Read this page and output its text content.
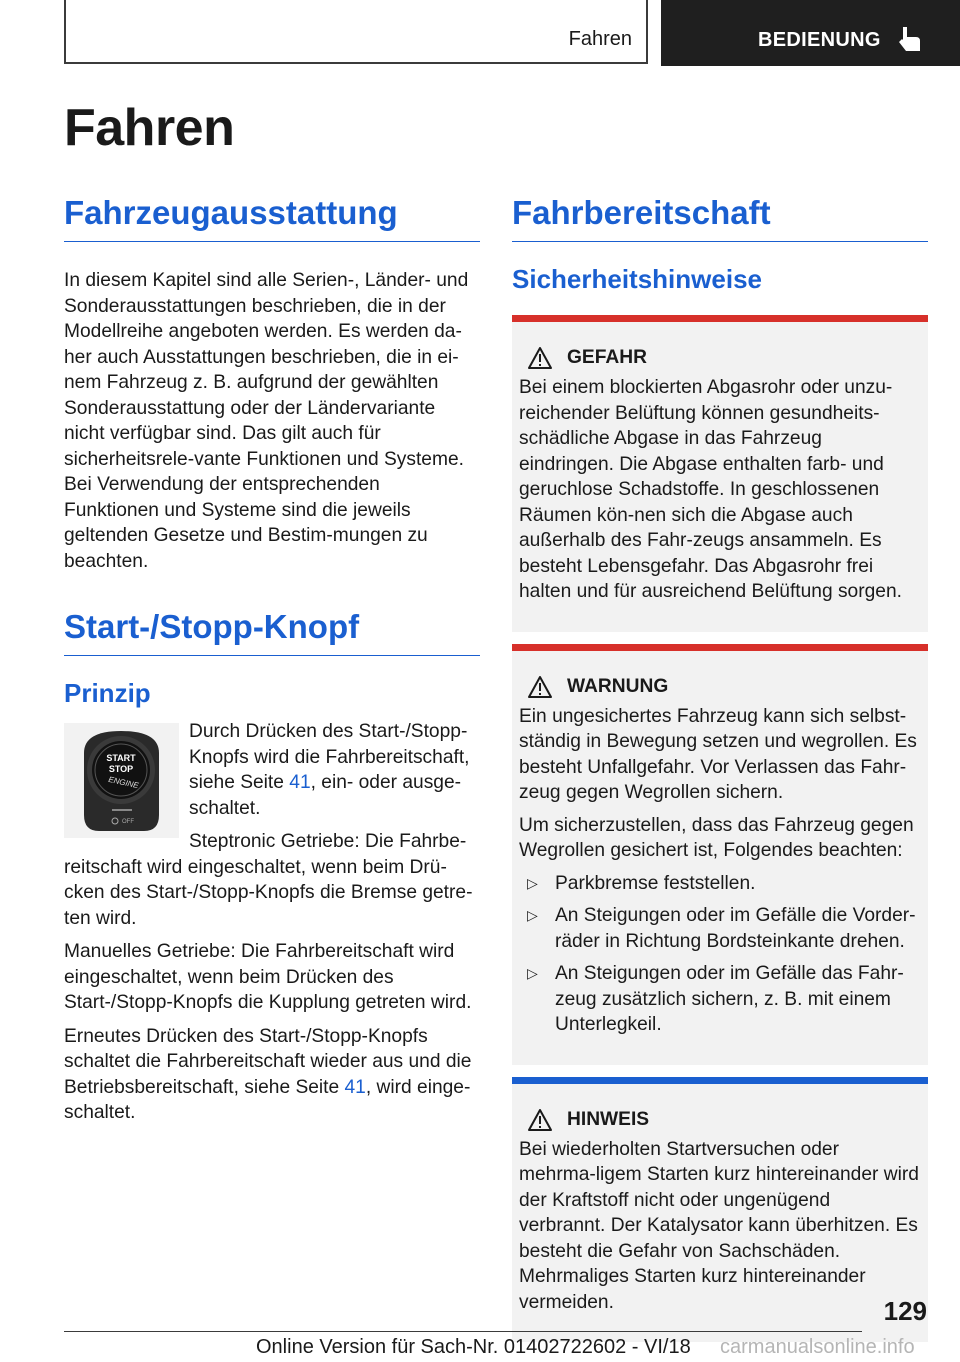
Fahren	BEDIENUNG
Fahren
Fahrzeugausstattung

In diesem Kapitel sind alle Serien-, Länder- und Sonderausstattungen beschrieben, die in der Modellreihe angeboten werden. Es werden da-her auch Ausstattungen beschrieben, die in ei-nem Fahrzeug z. B. aufgrund der gewählten Sonderausstattung oder der Ländervariante nicht verfügbar sind. Das gilt auch für sicherheitsrele-vante Funktionen und Systeme. Bei Verwendung der entsprechenden Funktionen und Systeme sind die jeweils geltenden Gesetze und Bestim-mungen zu beachten.

Start-/Stopp-Knopf
Prinzip
START
STOP
ENGINE
OFF

Durch Drücken des Start-/Stopp-Knopfs wird die Fahrbereitschaft, siehe Seite 41, ein- oder ausge-schaltet.

Steptronic Getriebe: Die Fahrbe-reitschaft wird eingeschaltet, wenn beim Drü-cken des Start-/Stopp-Knopfs die Bremse getre-ten wird.

Manuelles Getriebe: Die Fahrbereitschaft wird eingeschaltet, wenn beim Drücken des Start-/Stopp-Knopfs die Kupplung getreten wird.

Erneutes Drücken des Start-/Stopp-Knopfs schaltet die Fahrbereitschaft wieder aus und die Betriebsbereitschaft, siehe Seite 41, wird einge-schaltet.

Fahrbereitschaft
Sicherheitshinweise
GEFAHR

Bei einem blockierten Abgasrohr oder unzu-reichender Belüftung können gesundheits-schädliche Abgase in das Fahrzeug eindringen. Die Abgase enthalten farb- und geruchlose Schadstoffe. In geschlossenen Räumen kön-nen sich die Abgase auch außerhalb des Fahr-zeugs ansammeln. Es besteht Lebensgefahr. Das Abgasrohr frei halten und für ausreichend Belüftung sorgen.

WARNUNG

Ein ungesichertes Fahrzeug kann sich selbst-ständig in Bewegung setzen und wegrollen. Es besteht Unfallgefahr. Vor Verlassen das Fahr-zeug gegen Wegrollen sichern.

Um sicherzustellen, dass das Fahrzeug gegen Wegrollen gesichert ist, Folgendes beachten:

▷ Parkbremse feststellen.
▷ An Steigungen oder im Gefälle die Vorder-räder in Richtung Bordsteinkante drehen.
▷ An Steigungen oder im Gefälle das Fahr-zeug zusätzlich sichern, z. B. mit einem Unterlegkeil.
HINWEIS

Bei wiederholten Startversuchen oder mehrma-ligem Starten kurz hintereinander wird der Kraftstoff nicht oder ungenügend verbrannt. Der Katalysator kann überhitzen. Es besteht die Gefahr von Sachschäden. Mehrmaliges Starten kurz hintereinander vermeiden.	129
Online Version für Sach-Nr. 01402722602 - VI/18 carmanualsonline.info
